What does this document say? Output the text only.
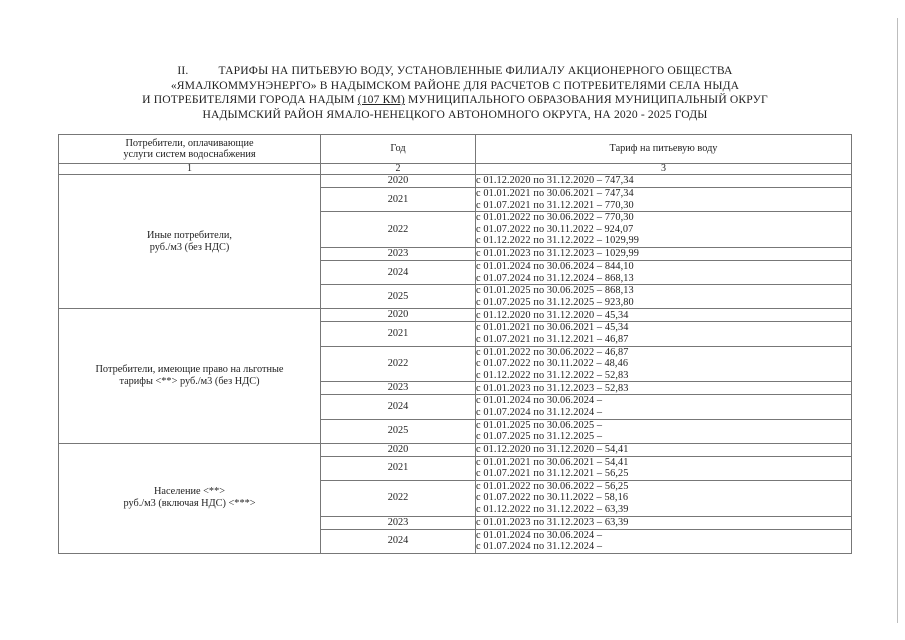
II.	ТАРИФЫ НА ПИТЬЕВУЮ ВОДУ, УСТАНОВЛЕННЫЕ ФИЛИАЛУ АКЦИОНЕРНОГО ОБЩЕСТВА
«ЯМАЛКОММУНЭНЕРГО» В НАДЫМСКОМ РАЙОНЕ ДЛЯ РАСЧЕТОВ С ПОТРЕБИТЕЛЯМИ СЕЛА НЫДА
И ПОТРЕБИТЕЛЯМИ ГОРОДА НАДЫМ (107 КМ) МУНИЦИПАЛЬНОГО ОБРАЗОВАНИЯ МУНИЦИПАЛЬНЫЙ ОКРУГ
НАДЫМСКИЙ РАЙОН ЯМАЛО-НЕНЕЦКОГО АВТОНОМНОГО ОКРУГА, НА 2020 - 2025 ГОДЫ
Потребители, оплачивающие
услуги систем водоснабжения	Год	Тариф на питьевую воду
1	2	3

Иные потребители,
руб./м3 (без НДС)	2020	с 01.12.2020 по 31.12.2020 – 747,34

	2021	с 01.01.2021 по 30.06.2021 – 747,34
с 01.07.2021 по 31.12.2021 – 770,30

	2022	с 01.01.2022 по 30.06.2022 – 770,30
с 01.07.2022 по 30.11.2022 – 924,07
с 01.12.2022 по 31.12.2022 – 1029,99

	2023	с 01.01.2023 по 31.12.2023 – 1029,99

	2024	с 01.01.2024 по 30.06.2024 – 844,10
с 01.07.2024 по 31.12.2024 – 868,13

	2025	с 01.01.2025 по 30.06.2025 – 868,13
с 01.07.2025 по 31.12.2025 – 923,80

Потребители, имеющие право на льготные
тарифы <**> руб./м3 (без НДС)	2020	с 01.12.2020 по 31.12.2020 – 45,34

	2021	с 01.01.2021 по 30.06.2021 – 45,34
с 01.07.2021 по 31.12.2021 – 46,87

	2022	с 01.01.2022 по 30.06.2022 – 46,87
с 01.07.2022 по 30.11.2022 – 48,46
с 01.12.2022 по 31.12.2022 – 52,83

	2023	с 01.01.2023 по 31.12.2023 – 52,83

	2024	с 01.01.2024 по 30.06.2024 –
с 01.07.2024 по 31.12.2024 –

	2025	с 01.01.2025 по 30.06.2025 –
с 01.07.2025 по 31.12.2025 –

Население <**>
руб./м3 (включая НДС) <***>	2020	с 01.12.2020 по 31.12.2020 – 54,41

	2021	с 01.01.2021 по 30.06.2021 – 54,41
с 01.07.2021 по 31.12.2021 – 56,25

	2022	с 01.01.2022 по 30.06.2022 – 56,25
с 01.07.2022 по 30.11.2022 – 58,16
с 01.12.2022 по 31.12.2022 – 63,39

	2023	с 01.01.2023 по 31.12.2023 – 63,39

	2024	с 01.01.2024 по 30.06.2024 –
с 01.07.2024 по 31.12.2024 –
